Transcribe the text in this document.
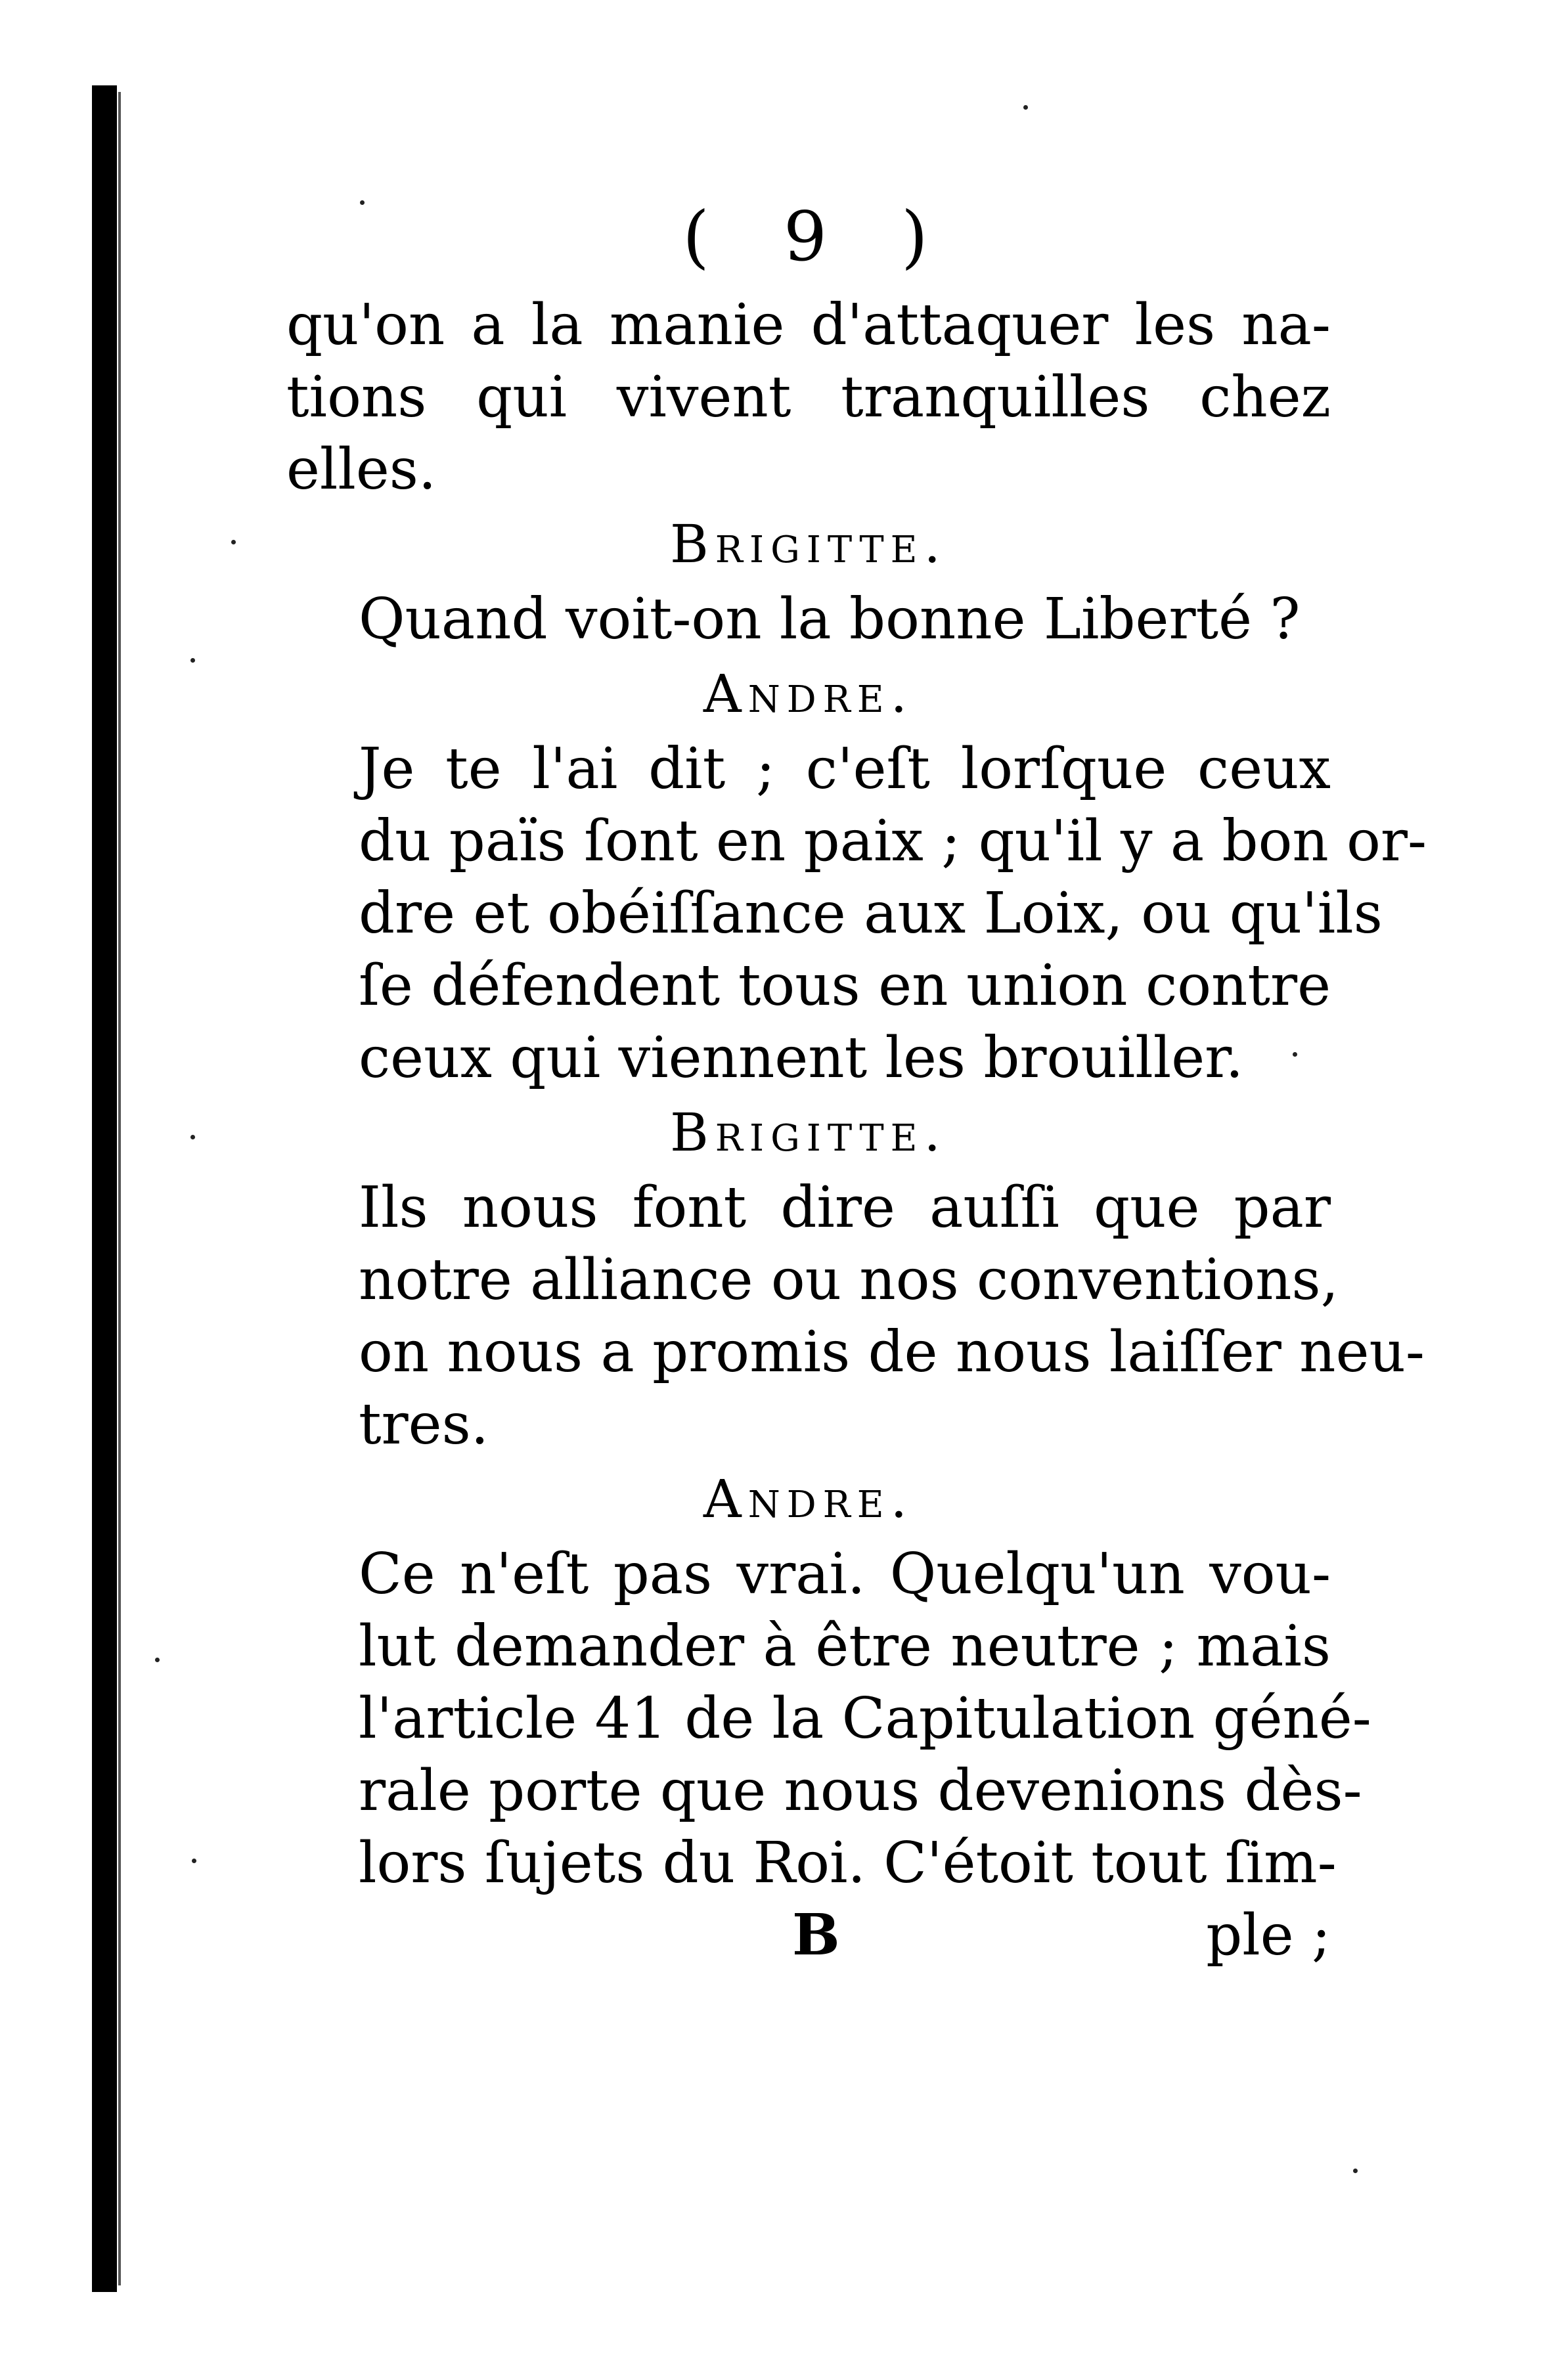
( 9 )
qu'on a la manie d'attaquer les na-
tions qui vivent tranquilles chez
elles.
Brigitte.
Quand voit-on la bonne Liberté ?
Andre.
Je te l'ai dit ; c'eſt lorſque ceux
du païs ſont en paix ; qu'il y a bon or-
dre et obéiſſance aux Loix, ou qu'ils
ſe défendent tous en union contre
ceux qui viennent les brouiller.
Brigitte.
Ils nous font dire auſſi que par
notre alliance ou nos conventions,
on nous a promis de nous laiſſer neu-
tres.
Andre.
Ce n'eſt pas vrai. Quelqu'un vou-
lut demander à être neutre ; mais
l'article 41 de la Capitulation géné-
rale porte que nous devenions dès-
lors ſujets du Roi. C'étoit tout ſim-
B	ple ;
